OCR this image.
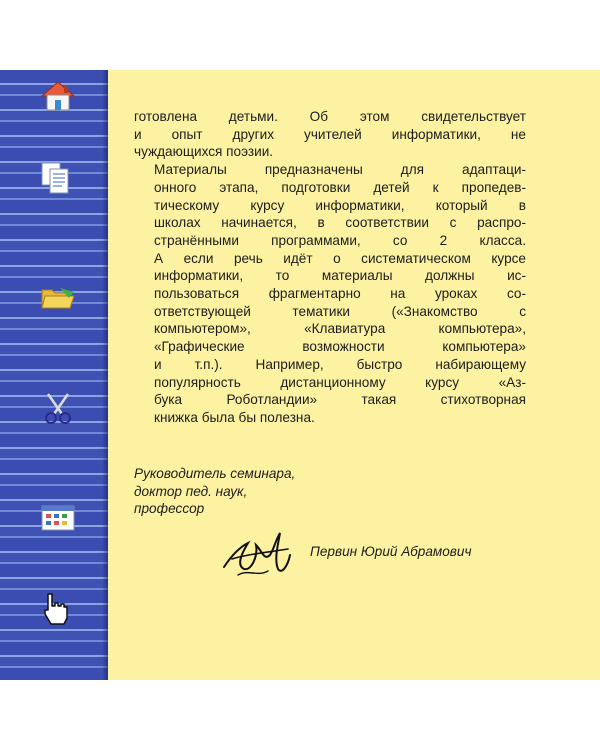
готовлена детьми. Об этом свидетельствует
и опыт других учителей информатики, не
чуждающихся поэзии.

Материалы предназначены для адаптаци-
онного этапа, подготовки детей к пропедев-
тическому курсу информатики, который в
школах начинается, в соответствии с распро-
странёнными программами, со 2 класса.
А если речь идёт о систематическом курсе
информатики, то материалы должны ис-
пользоваться фрагментарно на уроках со-
ответствующей тематики («Знакомство с
компьютером», «Клавиатура компьютера»,
«Графические возможности компьютера»
и т.п.). Например, быстро набирающему
популярность дистанционному курсу «Аз-
бука Роботландии» такая стихотворная
книжка была бы полезна.

Руководитель семинара,
доктор пед. наук,
профессор
Первин Юрий Абрамович
